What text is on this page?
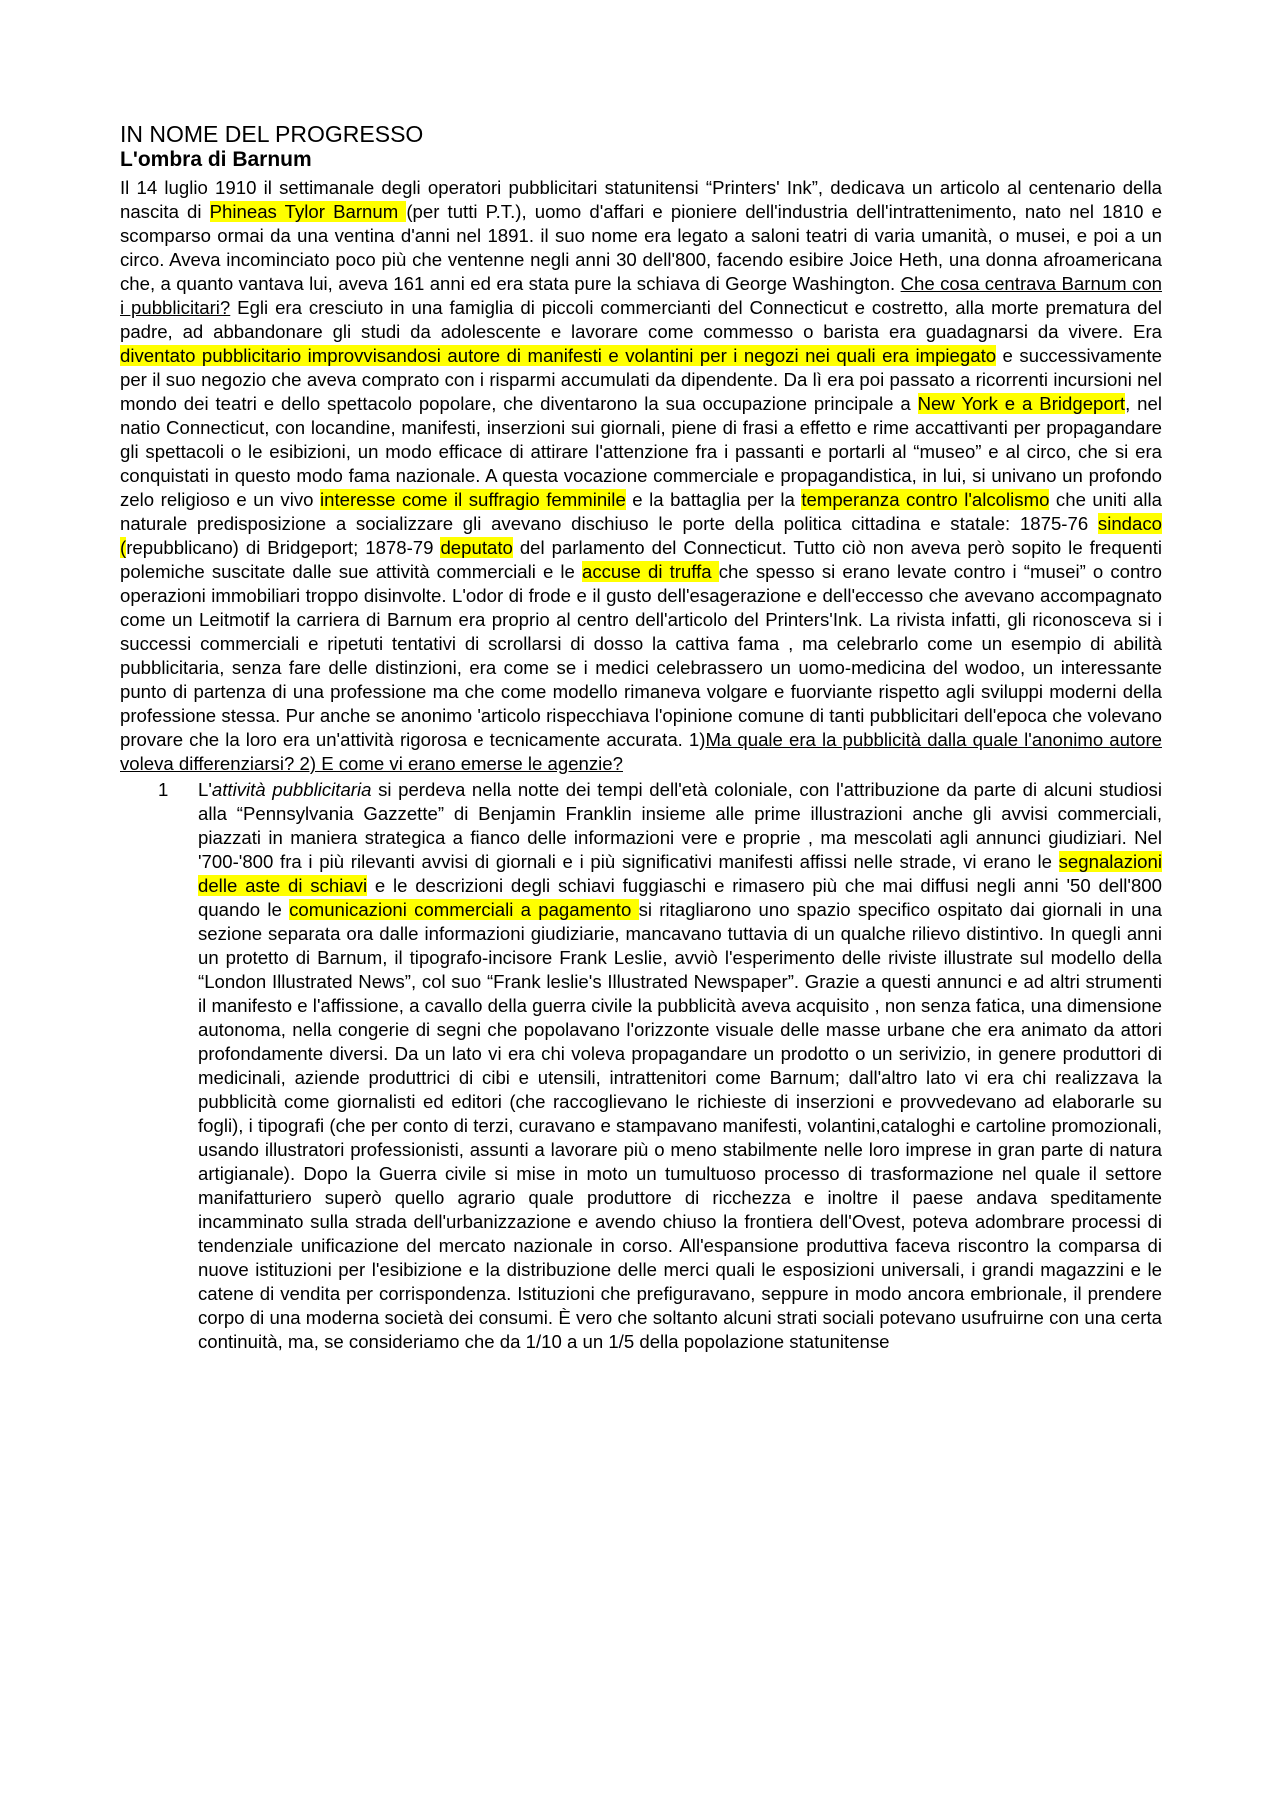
IN NOME DEL PROGRESSO
L'ombra di Barnum

Il 14 luglio 1910 il settimanale degli operatori pubblicitari statunitensi “Printers' Ink”, dedicava un articolo al centenario della nascita di Phineas Tylor Barnum (per tutti P.T.), uomo d'affari e pioniere dell'industria dell'intrattenimento, nato nel 1810 e scomparso ormai da una ventina d'anni nel 1891. il suo nome era legato a saloni teatri di varia umanità, o musei, e poi a un circo. Aveva incominciato poco più che ventenne negli anni 30 dell'800, facendo esibire Joice Heth, una donna afroamericana che, a quanto vantava lui, aveva 161 anni ed era stata pure la schiava di George Washington. Che cosa centrava Barnum con i pubblicitari? Egli era cresciuto in una famiglia di piccoli commercianti del Connecticut e costretto, alla morte prematura del padre, ad abbandonare gli studi da adolescente e lavorare come commesso o barista era guadagnarsi da vivere. Era diventato pubblicitario improvvisandosi autore di manifesti e volantini per i negozi nei quali era impiegato e successivamente per il suo negozio che aveva comprato con i risparmi accumulati da dipendente. Da lì era poi passato a ricorrenti incursioni nel mondo dei teatri e dello spettacolo popolare, che diventarono la sua occupazione principale a New York e a Bridgeport, nel natio Connecticut, con locandine, manifesti, inserzioni sui giornali, piene di frasi a effetto e rime accattivanti per propagandare gli spettacoli o le esibizioni, un modo efficace di attirare l'attenzione fra i passanti e portarli al “museo” e al circo, che si era conquistati in questo modo fama nazionale. A questa vocazione commerciale e propagandistica, in lui, si univano un profondo zelo religioso e un vivo interesse come il suffragio femminile e la battaglia per la temperanza contro l'alcolismo che uniti alla naturale predisposizione a socializzare gli avevano dischiuso le porte della politica cittadina e statale: 1875-76 sindaco (repubblicano) di Bridgeport; 1878-79 deputato del parlamento del Connecticut. Tutto ciò non aveva però sopito le frequenti polemiche suscitate dalle sue attività commerciali e le accuse di truffa che spesso si erano levate contro i “musei” o contro operazioni immobiliari troppo disinvolte. L'odor di frode e il gusto dell'esagerazione e dell'eccesso che avevano accompagnato come un Leitmotif la carriera di Barnum era proprio al centro dell'articolo del Printers'Ink. La rivista infatti, gli riconosceva si i successi commerciali e ripetuti tentativi di scrollarsi di dosso la cattiva fama , ma celebrarlo come un esempio di abilità pubblicitaria, senza fare delle distinzioni, era come se i medici celebrassero un uomo-medicina del wodoo, un interessante punto di partenza di una professione ma che come modello rimaneva volgare e fuorviante rispetto agli sviluppi moderni della professione stessa. Pur anche se anonimo 'articolo rispecchiava l'opinione comune di tanti pubblicitari dell'epoca che volevano provare che la loro era un'attività rigorosa e tecnicamente accurata. 1)Ma quale era la pubblicità dalla quale l'anonimo autore voleva differenziarsi? 2) E come vi erano emerse le agenzie?

1 L'attività pubblicitaria si perdeva nella notte dei tempi dell'età coloniale, con l'attribuzione da parte di alcuni studiosi alla “Pennsylvania Gazzette” di Benjamin Franklin insieme alle prime illustrazioni anche gli avvisi commerciali, piazzati in maniera strategica a fianco delle informazioni vere e proprie , ma mescolati agli annunci giudiziari. Nel '700-'800 fra i più rilevanti avvisi di giornali e i più significativi manifesti affissi nelle strade, vi erano le segnalazioni delle aste di schiavi e le descrizioni degli schiavi fuggiaschi e rimasero più che mai diffusi negli anni '50 dell'800 quando le comunicazioni commerciali a pagamento si ritagliarono uno spazio specifico ospitato dai giornali in una sezione separata ora dalle informazioni giudiziarie, mancavano tuttavia di un qualche rilievo distintivo. In quegli anni un protetto di Barnum, il tipografo-incisore Frank Leslie, avviò l'esperimento delle riviste illustrate sul modello della “London Illustrated News”, col suo “Frank leslie's Illustrated Newspaper”. Grazie a questi annunci e ad altri strumenti il manifesto e l'affissione, a cavallo della guerra civile la pubblicità aveva acquisito , non senza fatica, una dimensione autonoma, nella congerie di segni che popolavano l'orizzonte visuale delle masse urbane che era animato da attori profondamente diversi. Da un lato vi era chi voleva propagandare un prodotto o un serivizio, in genere produttori di medicinali, aziende produttrici di cibi e utensili, intrattenitori come Barnum; dall'altro lato vi era chi realizzava la pubblicità come giornalisti ed editori (che raccoglievano le richieste di inserzioni e provvedevano ad elaborarle su fogli), i tipografi (che per conto di terzi, curavano e stampavano manifesti, volantini,cataloghi e cartoline promozionali, usando illustratori professionisti, assunti a lavorare più o meno stabilmente nelle loro imprese in gran parte di natura artigianale). Dopo la Guerra civile si mise in moto un tumultuoso processo di trasformazione nel quale il settore manifatturiero superò quello agrario quale produttore di ricchezza e inoltre il paese andava speditamente incamminato sulla strada dell'urbanizzazione e avendo chiuso la frontiera dell'Ovest, poteva adombrare processi di tendenziale unificazione del mercato nazionale in corso. All'espansione produttiva faceva riscontro la comparsa di nuove istituzioni per l'esibizione e la distribuzione delle merci quali le esposizioni universali, i grandi magazzini e le catene di vendita per corrispondenza. Istituzioni che prefiguravano, seppure in modo ancora embrionale, il prendere corpo di una moderna società dei consumi. È vero che soltanto alcuni strati sociali potevano usufruirne con una certa continuità, ma, se consideriamo che da 1/10 a un 1/5 della popolazione statunitense
